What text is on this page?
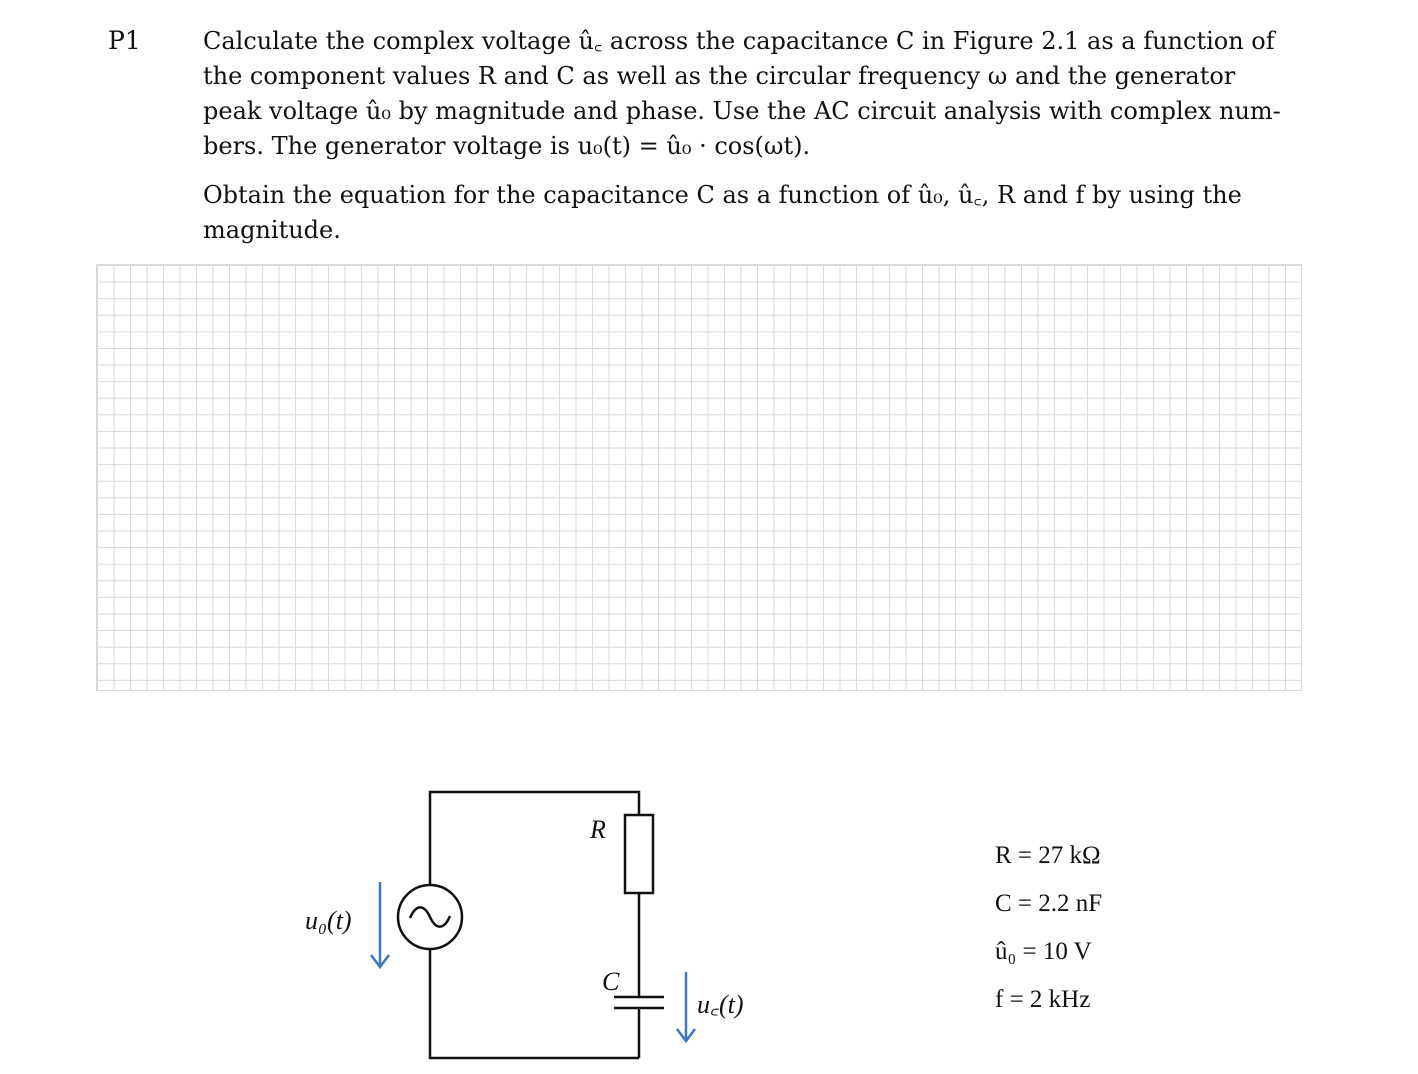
P1	Calculate the complex voltage û꜀ across the capacitance C in Figure 2.1 as a function of
the component values R and C as well as the circular frequency ω and the generator
peak voltage û₀ by magnitude and phase. Use the AC circuit analysis with complex num-
bers. The generator voltage is u₀(t) = û₀ · cos(ωt).

Obtain the equation for the capacitance C as a function of û₀, û꜀, R and f by using the
magnitude.

R
C
u₀(t)
u꜀(t)
R = 27 kΩ
C = 2.2 nF
û₀ = 10 V
f = 2 kHz
